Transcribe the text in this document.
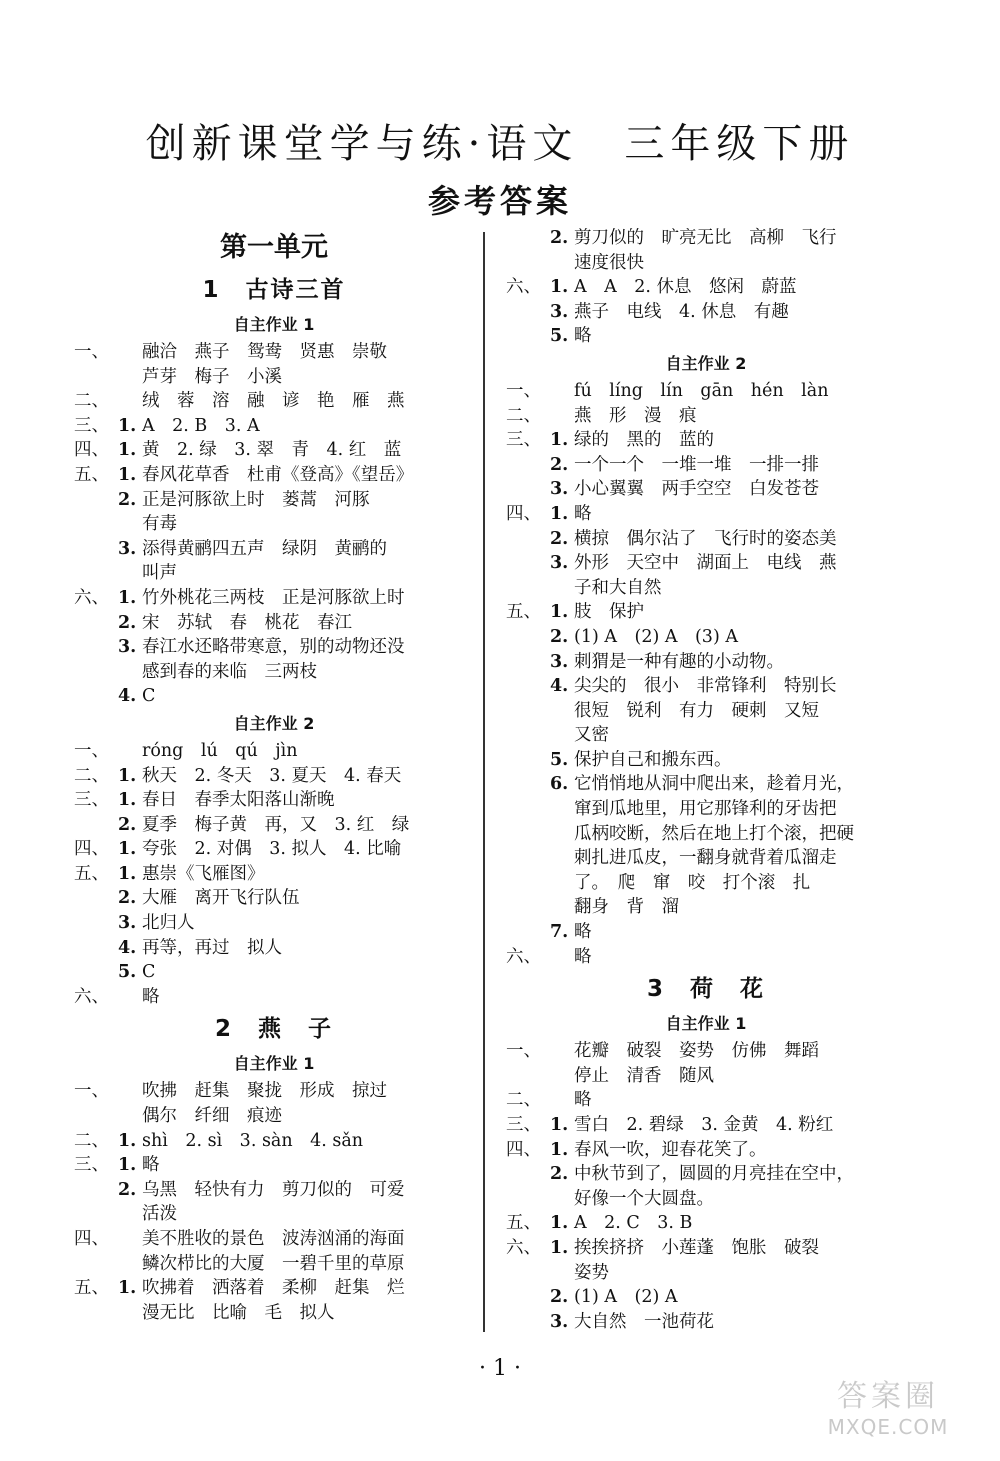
创新课堂学与练·语文　三年级下册
参考答案
第一单元
1　古诗三首
自主作业 1
一、 融洽　燕子　鸳鸯　贤惠　崇敬
芦芽　梅子　小溪
二、 绒　蓉　溶　融　谚　艳　雁　燕
三、 1. A　2. B　3. A
四、 1. 黄　2. 绿　3. 翠　青　4. 红　蓝
五、 1. 春风花草香　杜甫《登高》《望岳》
2. 正是河豚欲上时　蒌蒿　河豚
有毒
3. 添得黄鹂四五声　绿阴　黄鹂的
叫声
六、 1. 竹外桃花三两枝　正是河豚欲上时
2. 宋　苏轼　春　桃花　春江
3. 春江水还略带寒意，别的动物还没
感到春的来临　三两枝
4. C
自主作业 2
一、 róng　lú　qú　jìn
二、 1. 秋天　2. 冬天　3. 夏天　4. 春天
三、 1. 春日　春季太阳落山渐晚
2. 夏季　梅子黄　再，又　3. 红　绿
四、 1. 夸张　2. 对偶　3. 拟人　4. 比喻
五、 1. 惠崇《飞雁图》
2. 大雁　离开飞行队伍
3. 北归人
4. 再等，再过　拟人
5. C
六、 略
2　燕　子
自主作业 1
一、 吹拂　赶集　聚拢　形成　掠过
偶尔　纤细　痕迹
二、 1. shì　2. sì　3. sàn　4. sǎn
三、 1. 略
2. 乌黑　轻快有力　剪刀似的　可爱
活泼
四、 美不胜收的景色　波涛汹涌的海面
鳞次栉比的大厦　一碧千里的草原
五、 1. 吹拂着　洒落着　柔柳　赶集　烂
漫无比　比喻　毛　拟人
2. 剪刀似的　旷亮无比　高柳　飞行
速度很快
六、 1. A　A　2. 休息　悠闲　蔚蓝
3. 燕子　电线　4. 休息　有趣
5. 略
自主作业 2
一、 fú　líng　lín　gān　hén　làn
二、 燕　形　漫　痕
三、 1. 绿的　黑的　蓝的
2. 一个一个　一堆一堆　一排一排
3. 小心翼翼　两手空空　白发苍苍
四、 1. 略
2. 横掠　偶尔沾了　飞行时的姿态美
3. 外形　天空中　湖面上　电线　燕
子和大自然
五、 1. 肢　保护
2. (1) A　(2) A　(3) A
3. 刺猬是一种有趣的小动物。
4. 尖尖的　很小　非常锋利　特别长
很短　锐利　有力　硬刺　又短
又密
5. 保护自己和搬东西。
6. 它悄悄地从洞中爬出来，趁着月光，
窜到瓜地里，用它那锋利的牙齿把
瓜柄咬断，然后在地上打个滚，把硬
刺扎进瓜皮，一翻身就背着瓜溜走
了。　爬　窜　咬　打个滚　扎
翻身　背　溜
7. 略
六、 略
3　荷　花
自主作业 1
一、 花瓣　破裂　姿势　仿佛　舞蹈
停止　清香　随风
二、 略
三、 1. 雪白　2. 碧绿　3. 金黄　4. 粉红
四、 1. 春风一吹，迎春花笑了。
2. 中秋节到了，圆圆的月亮挂在空中，
好像一个大圆盘。
五、 1. A　2. C　3. B
六、 1. 挨挨挤挤　小莲蓬　饱胀　破裂
姿势
2. (1) A　(2) A
3. 大自然　一池荷花
· 1 ·
答案圈
MXQE.COM
